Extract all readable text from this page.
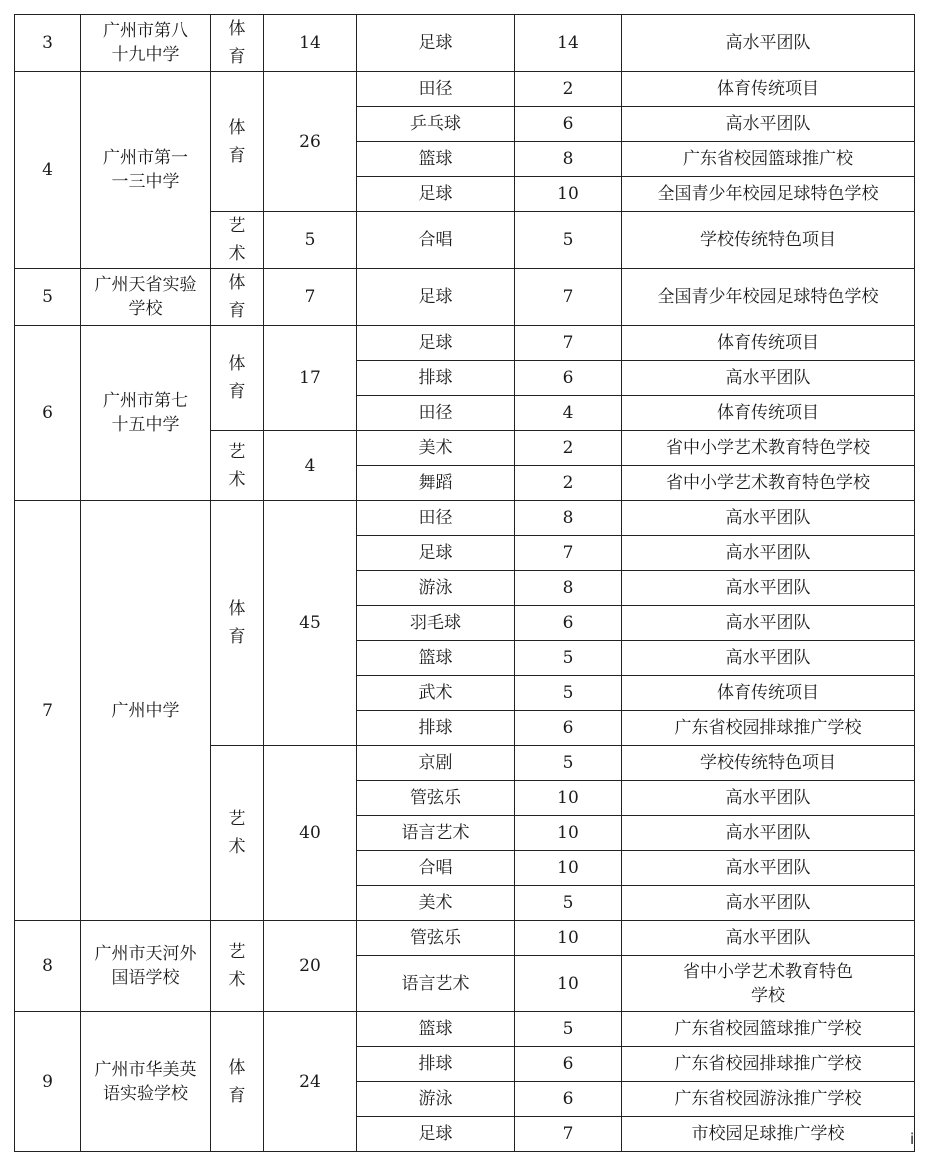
3	广州市第八十九中学	体育	14	足球	14	高水平团队

4	广州市第一一三中学	体育	26	田径	2	体育传统项目

				乒乓球	6	高水平团队

				篮球	8	广东省校园篮球推广校

				足球	10	全国青少年校园足球特色学校

		艺术	5	合唱	5	学校传统特色项目

5	广州天省实验学校	体育	7	足球	7	全国青少年校园足球特色学校

6	广州市第七十五中学	体育	17	足球	7	体育传统项目

				排球	6	高水平团队

				田径	4	体育传统项目

		艺术	4	美术	2	省中小学艺术教育特色学校

				舞蹈	2	省中小学艺术教育特色学校

7	广州中学	体育	45	田径	8	高水平团队

				足球	7	高水平团队

				游泳	8	高水平团队

				羽毛球	6	高水平团队

				篮球	5	高水平团队

				武术	5	体育传统项目

				排球	6	广东省校园排球推广学校

		艺术	40	京剧	5	学校传统特色项目

				管弦乐	10	高水平团队

				语言艺术	10	高水平团队

				合唱	10	高水平团队

				美术	5	高水平团队

8	广州市天河外国语学校	艺术	20	管弦乐	10	高水平团队

				语言艺术	10	省中小学艺术教育特色学校

9	广州市华美英语实验学校	体育	24	篮球	5	广东省校园篮球推广学校

				排球	6	广东省校园排球推广学校

				游泳	6	广东省校园游泳推广学校

				足球	7	市校园足球推广学校	i
